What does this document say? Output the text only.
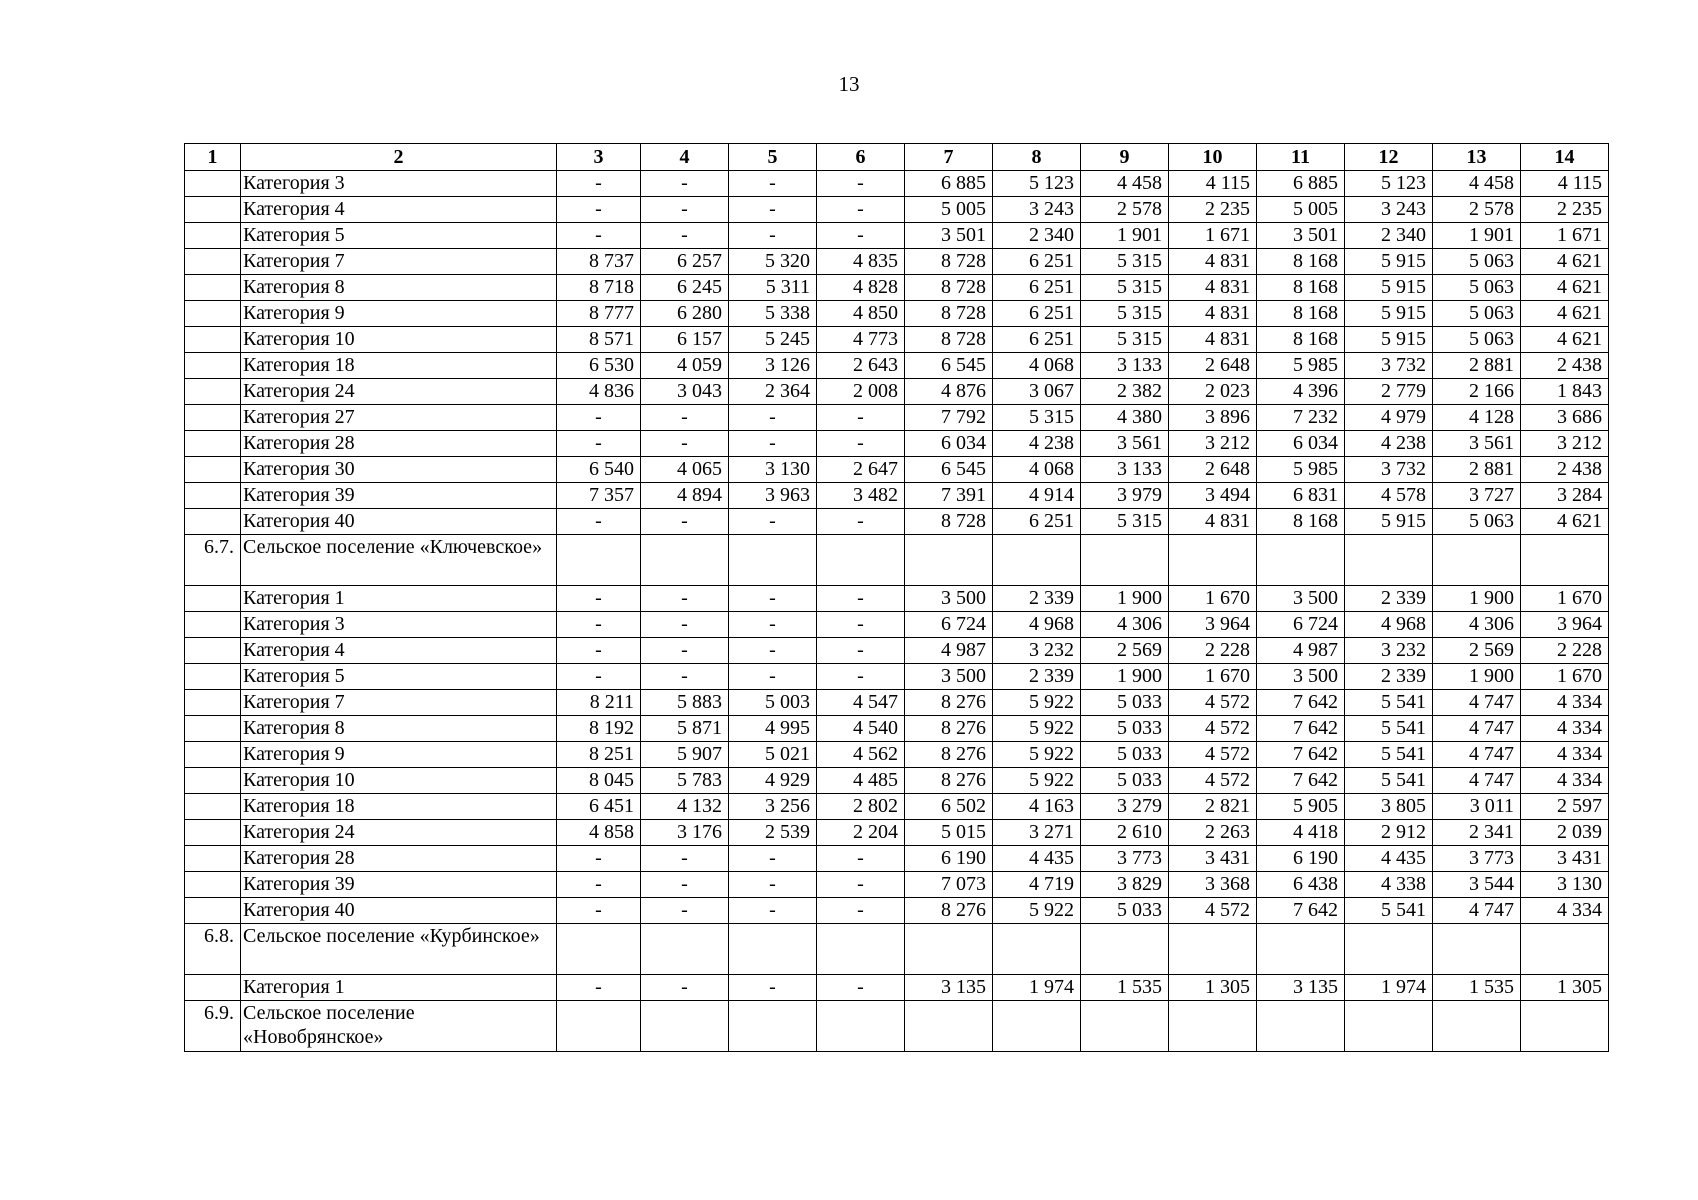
13
1	2	3	4	5	6	7	8	9	10	11	12	13	14
	Категория 3	-	-	-	-	6 885	5 123	4 458	4 115	6 885	5 123	4 458	4 115
	Категория 4	-	-	-	-	5 005	3 243	2 578	2 235	5 005	3 243	2 578	2 235
	Категория 5	-	-	-	-	3 501	2 340	1 901	1 671	3 501	2 340	1 901	1 671
	Категория 7	8 737	6 257	5 320	4 835	8 728	6 251	5 315	4 831	8 168	5 915	5 063	4 621
	Категория 8	8 718	6 245	5 311	4 828	8 728	6 251	5 315	4 831	8 168	5 915	5 063	4 621
	Категория 9	8 777	6 280	5 338	4 850	8 728	6 251	5 315	4 831	8 168	5 915	5 063	4 621
	Категория 10	8 571	6 157	5 245	4 773	8 728	6 251	5 315	4 831	8 168	5 915	5 063	4 621
	Категория 18	6 530	4 059	3 126	2 643	6 545	4 068	3 133	2 648	5 985	3 732	2 881	2 438
	Категория 24	4 836	3 043	2 364	2 008	4 876	3 067	2 382	2 023	4 396	2 779	2 166	1 843
	Категория 27	-	-	-	-	7 792	5 315	4 380	3 896	7 232	4 979	4 128	3 686
	Категория 28	-	-	-	-	6 034	4 238	3 561	3 212	6 034	4 238	3 561	3 212
	Категория 30	6 540	4 065	3 130	2 647	6 545	4 068	3 133	2 648	5 985	3 732	2 881	2 438
	Категория 39	7 357	4 894	3 963	3 482	7 391	4 914	3 979	3 494	6 831	4 578	3 727	3 284
	Категория 40	-	-	-	-	8 728	6 251	5 315	4 831	8 168	5 915	5 063	4 621
6.7.	Сельское поселение «Ключевское»												
	Категория 1	-	-	-	-	3 500	2 339	1 900	1 670	3 500	2 339	1 900	1 670
	Категория 3	-	-	-	-	6 724	4 968	4 306	3 964	6 724	4 968	4 306	3 964
	Категория 4	-	-	-	-	4 987	3 232	2 569	2 228	4 987	3 232	2 569	2 228
	Категория 5	-	-	-	-	3 500	2 339	1 900	1 670	3 500	2 339	1 900	1 670
	Категория 7	8 211	5 883	5 003	4 547	8 276	5 922	5 033	4 572	7 642	5 541	4 747	4 334
	Категория 8	8 192	5 871	4 995	4 540	8 276	5 922	5 033	4 572	7 642	5 541	4 747	4 334
	Категория 9	8 251	5 907	5 021	4 562	8 276	5 922	5 033	4 572	7 642	5 541	4 747	4 334
	Категория 10	8 045	5 783	4 929	4 485	8 276	5 922	5 033	4 572	7 642	5 541	4 747	4 334
	Категория 18	6 451	4 132	3 256	2 802	6 502	4 163	3 279	2 821	5 905	3 805	3 011	2 597
	Категория 24	4 858	3 176	2 539	2 204	5 015	3 271	2 610	2 263	4 418	2 912	2 341	2 039
	Категория 28	-	-	-	-	6 190	4 435	3 773	3 431	6 190	4 435	3 773	3 431
	Категория 39	-	-	-	-	7 073	4 719	3 829	3 368	6 438	4 338	3 544	3 130
	Категория 40	-	-	-	-	8 276	5 922	5 033	4 572	7 642	5 541	4 747	4 334
6.8.	Сельское поселение «Курбинское»												
	Категория 1	-	-	-	-	3 135	1 974	1 535	1 305	3 135	1 974	1 535	1 305
6.9.	Сельское поселение «Новобрянское»												
